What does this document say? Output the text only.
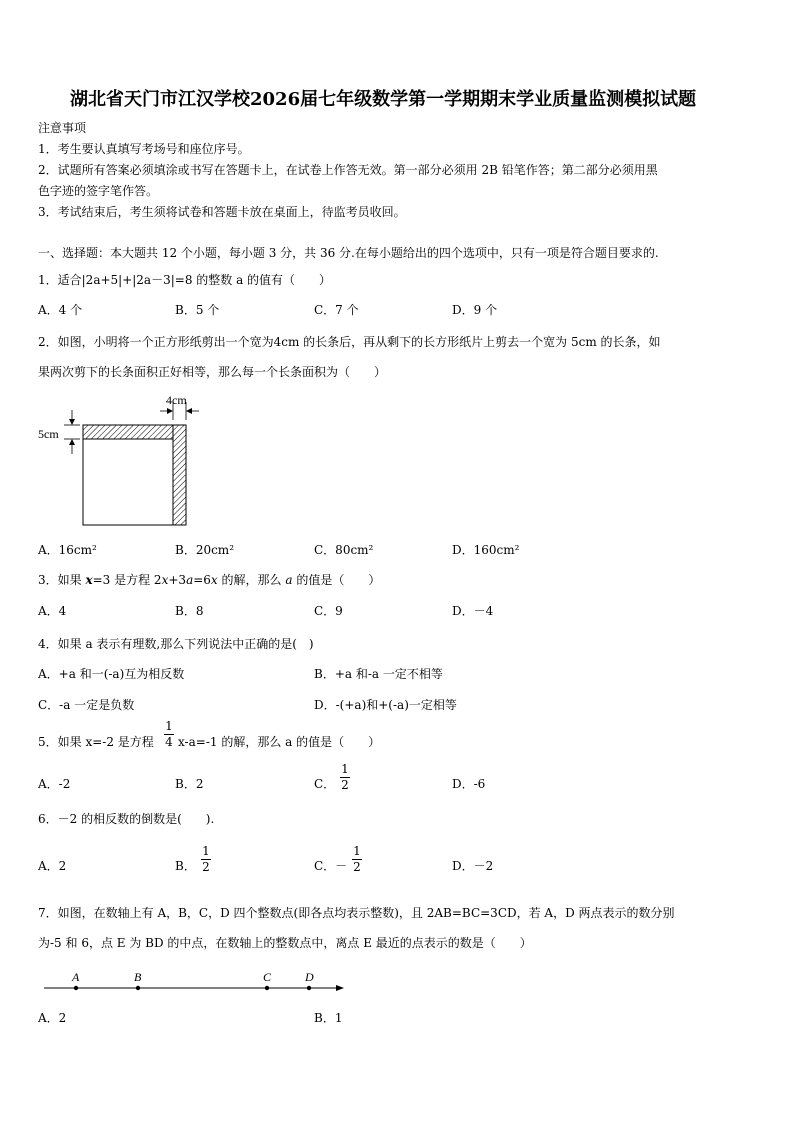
湖北省天门市江汉学校2026届七年级数学第一学期期末学业质量监测模拟试题
注意事项
1．考生要认真填写考场号和座位序号。
2．试题所有答案必须填涂或书写在答题卡上，在试卷上作答无效。第一部分必须用 2B 铅笔作答；第二部分必须用黑
色字迹的签字笔作答。
3．考试结束后，考生须将试卷和答题卡放在桌面上，待监考员收回。
一、选择题：本大题共 12 个小题，每小题 3 分，共 36 分.在每小题给出的四个选项中，只有一项是符合题目要求的.
1．适合|2a+5|+|2a－3|=8 的整数 a 的值有（　　）
A．4 个	B．5 个	C．7 个	D．9 个
2．如图，小明将一个正方形纸剪出一个宽为4cm 的长条后，再从剩下的长方形纸片上剪去一个宽为 5cm 的长条，如
果两次剪下的长条面积正好相等，那么每一个长条面积为（　　）
4cm
5cm
A．16cm²	B．20cm²	C．80cm²	D．160cm²
3．如果 x=3 是方程 2x+3a=6x 的解，那么 a 的值是（　　）
A．4	B．8	C．9	D．－4
4．如果 a 表示有理数,那么下列说法中正确的是(　)
A．+a 和一(-a)互为相反数	B．+a 和-a 一定不相等
C．-a 一定是负数	D．-(+a)和+(-a)一定相等
5．如果 x=-2 是方程
1
4 x-a=-1 的解，那么 a 的值是（　　）
A．-2	B．2	C．
1
2	D．-6
6．－2 的相反数的倒数是(　　).
A．2	B．
1
2	C．－
1
2	D．－2
7．如图，在数轴上有 A，B，C，D 四个整数点(即各点均表示整数)，且 2AB=BC=3CD，若 A，D 两点表示的数分别
为-5 和 6，点 E 为 BD 的中点，在数轴上的整数点中，离点 E 最近的点表示的数是（　　）
A	B	C	D
A．2	B．1
